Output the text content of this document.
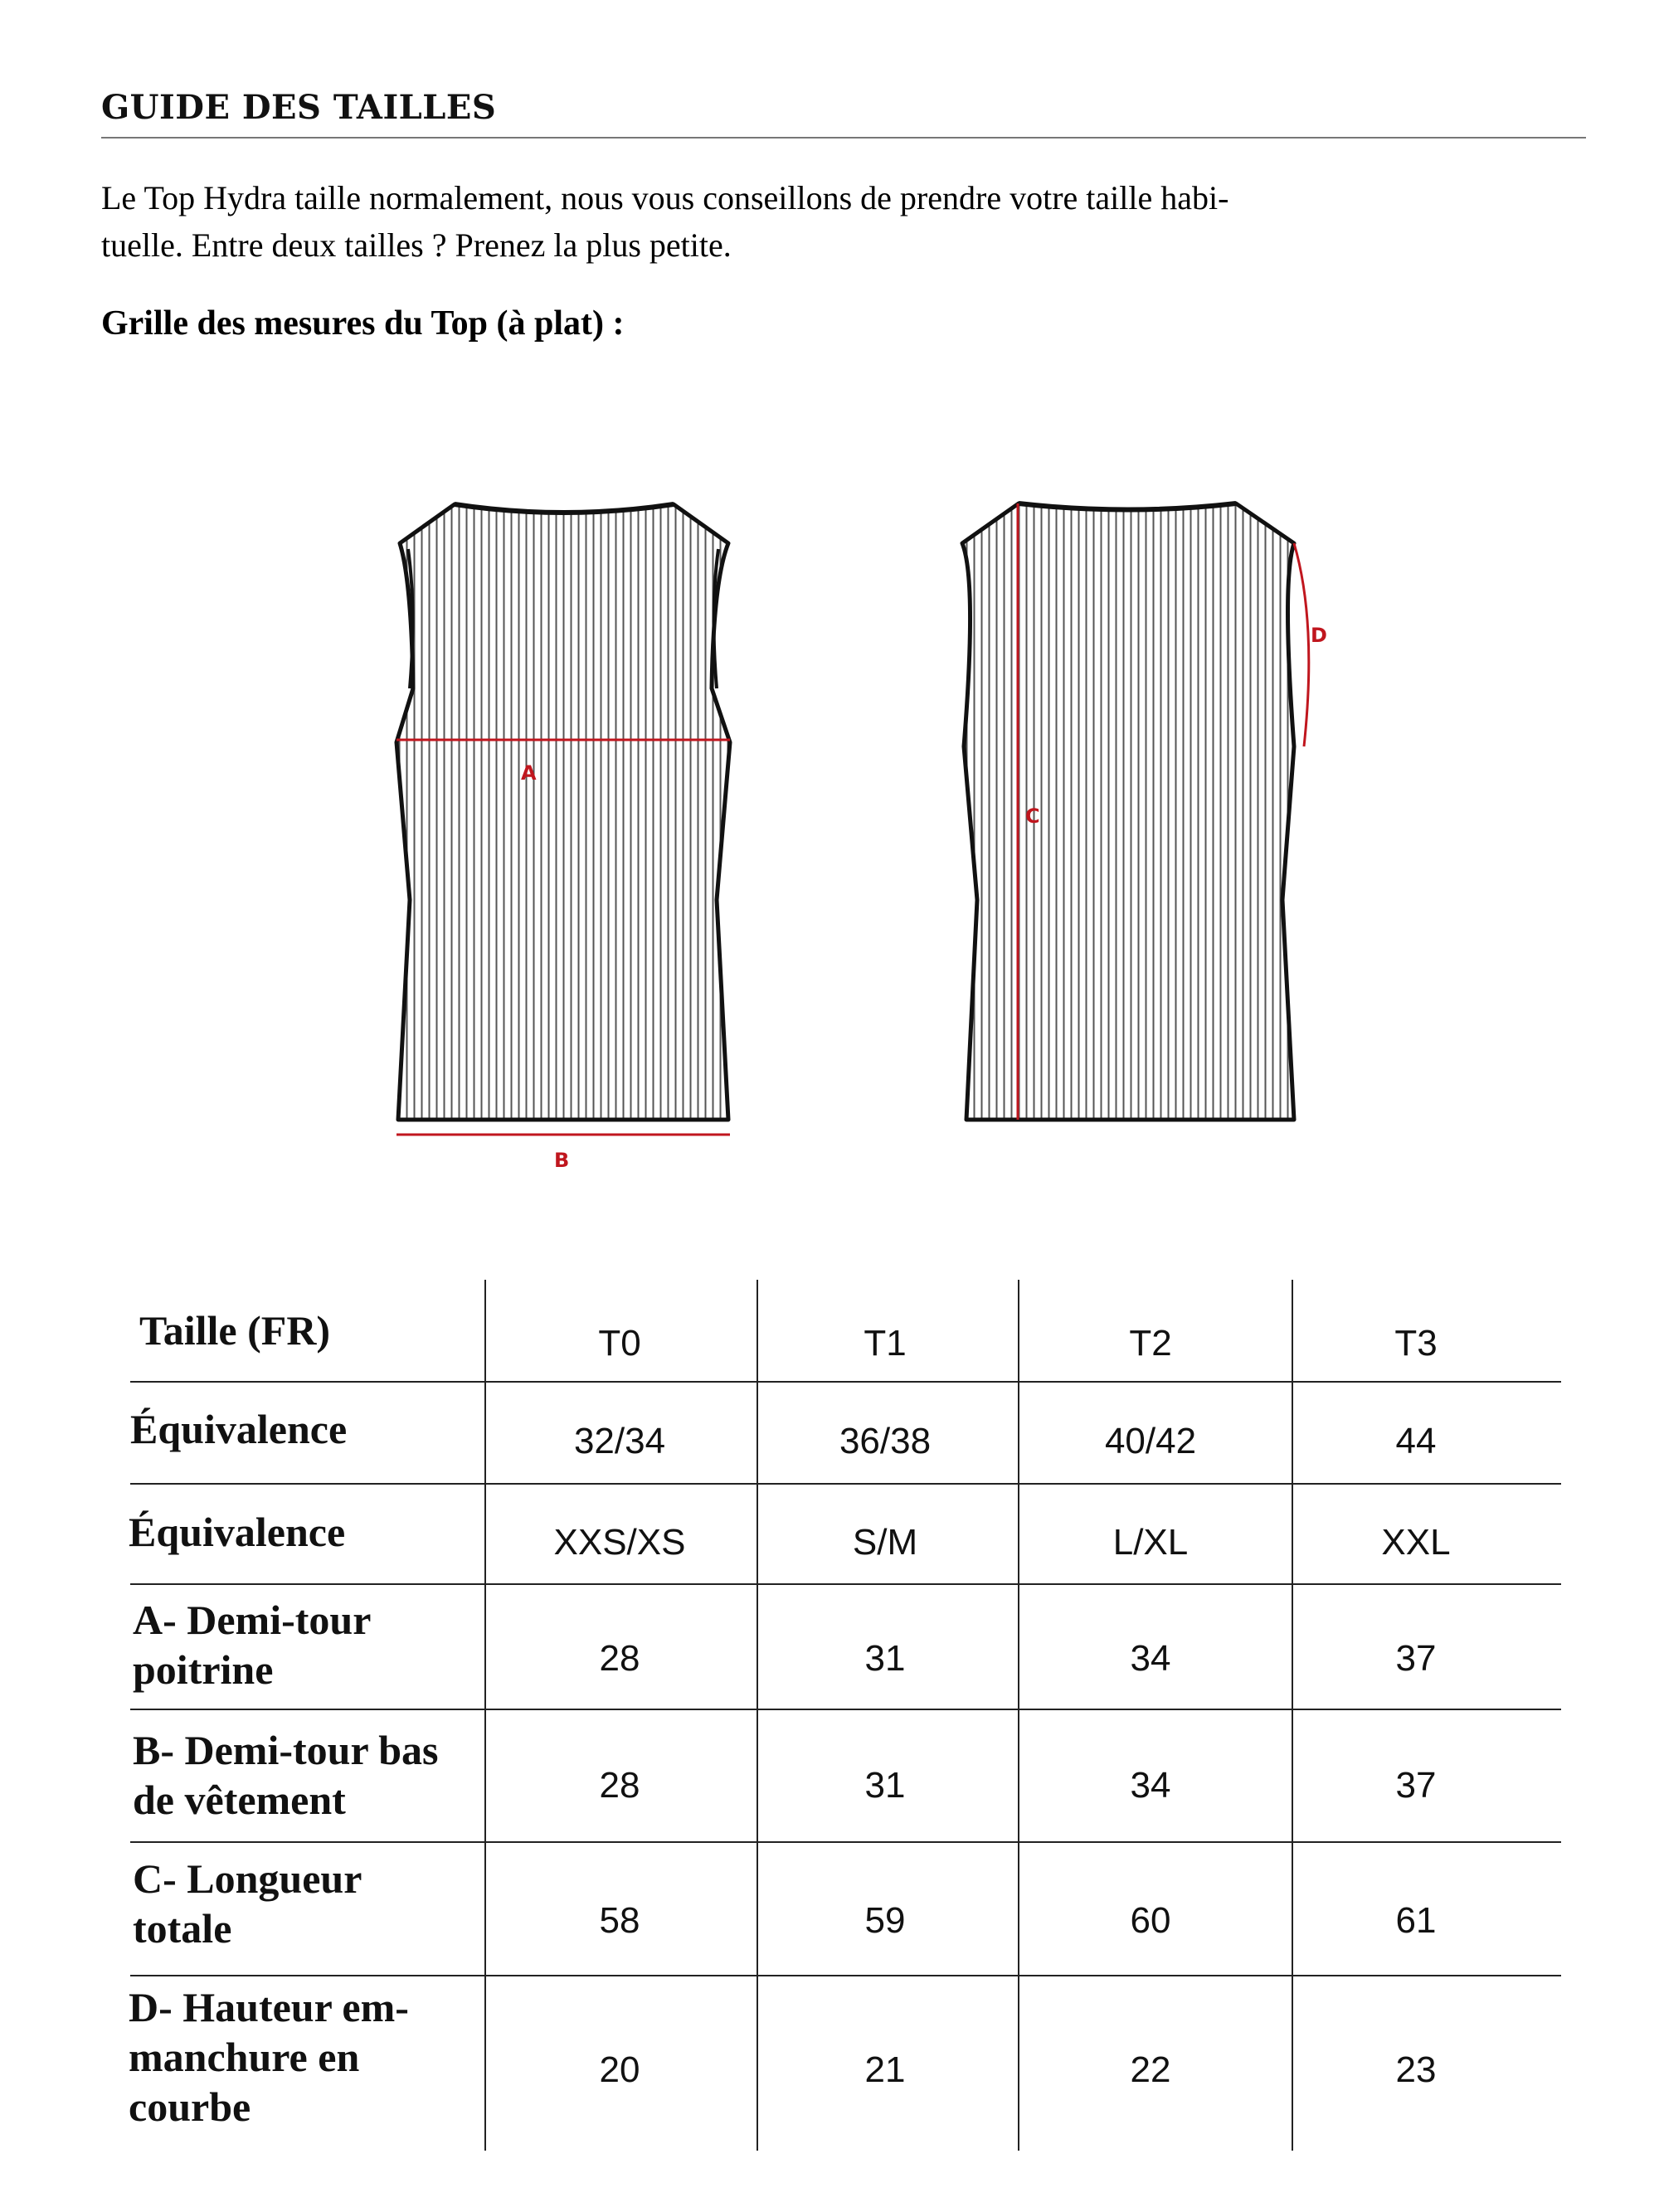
GUIDE DES TAILLES
Le Top Hydra taille normalement, nous vous conseillons de prendre votre taille habi-
tuelle. Entre deux tailles ? Prenez la plus petite.
Grille des mesures du Top (à plat) :
A
B
C
D
Taille (FR)	T0	T1	T2	T3
Équivalence	32/34	36/38	40/42	44
Équivalence	XXS/XS	S/M	L/XL	XXL
A- Demi-tour
poitrine	28	31	34	37
B- Demi-tour bas
de vêtement	28	31	34	37
C- Longueur
totale	58	59	60	61
D- Hauteur em-
manchure en
courbe
20	21	22	23
